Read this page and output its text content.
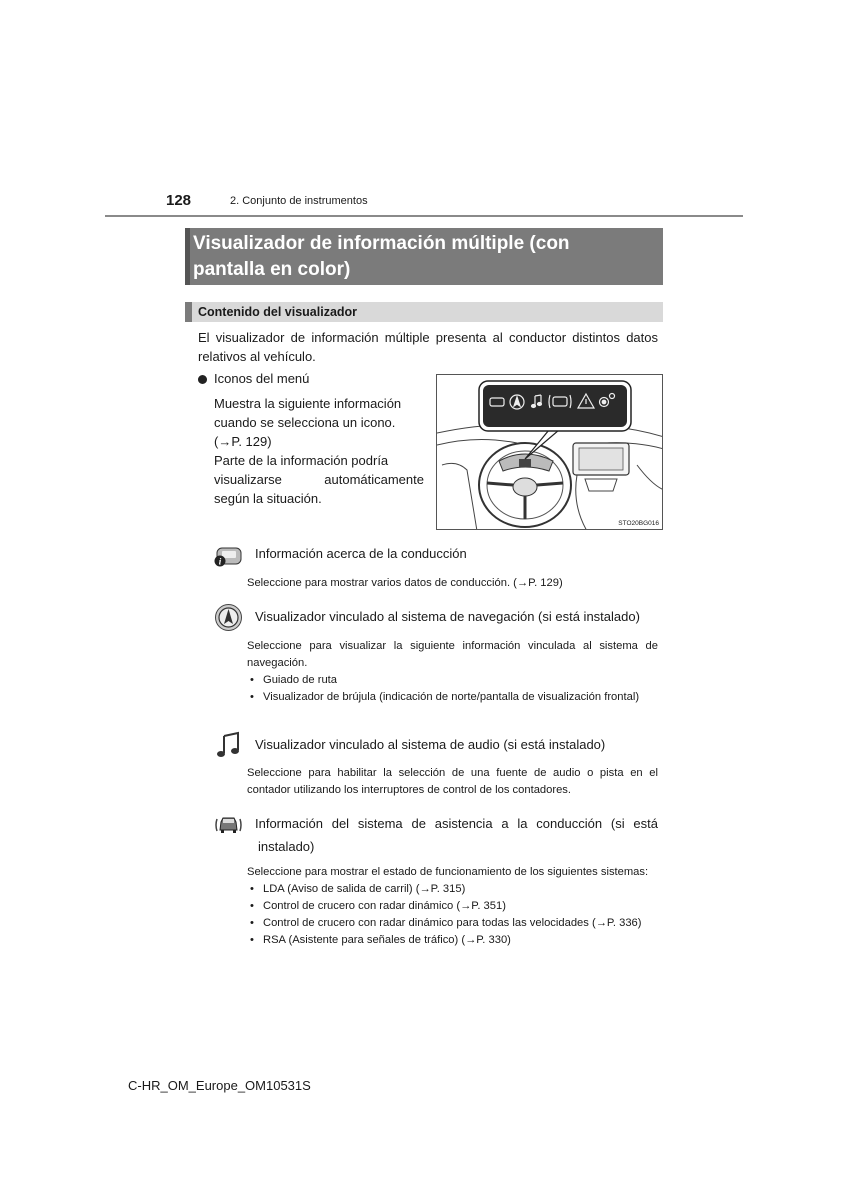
128	2. Conjunto de instrumentos
Visualizador de información múltiple (con
pantalla en color)
Contenido del visualizador
El visualizador de información múltiple presenta al conductor distintos datos relativos al vehículo.
Iconos del menú
Muestra la siguiente información
cuando se selecciona un icono.
(→P. 129)
Parte de la información podría
visualizarse	automáticamente
según la situación.
STO20BG016
i
Información acerca de la conducción
Seleccione para mostrar varios datos de conducción. (→P. 129)
Visualizador vinculado al sistema de navegación (si está instalado)
Seleccione para visualizar la siguiente información vinculada al sistema de navegación.
• Guiado de ruta
• Visualizador de brújula (indicación de norte/pantalla de visualización frontal)
Visualizador vinculado al sistema de audio (si está instalado)
Seleccione para habilitar la selección de una fuente de audio o pista en el contador utilizando los interruptores de control de los contadores.
Información del sistema de asistencia a la conducción (si está
instalado)
Seleccione para mostrar el estado de funcionamiento de los siguientes sistemas:
• LDA (Aviso de salida de carril) (→P. 315)
• Control de crucero con radar dinámico (→P. 351)
• Control de crucero con radar dinámico para todas las velocidades (→P. 336)
• RSA (Asistente para señales de tráfico) (→P. 330)
C-HR_OM_Europe_OM10531S
